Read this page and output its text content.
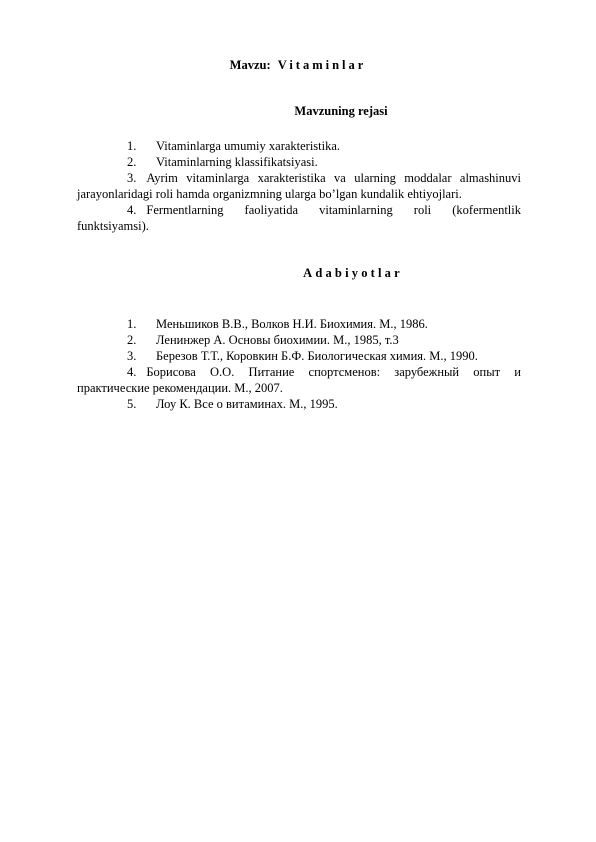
Mavzu: Vitaminlar
Mavzuning rejasi
1. Vitaminlarga umumiy xarakteristika.
2. Vitaminlarning klassifikatsiyasi.
3. Ayrim vitaminlarga xarakteristika va ularning moddalar almashinuvi jarayonlaridagi roli hamda organizmning ularga bo’lgan kundalik ehtiyojlari.
4. Fermentlarning faoliyatida vitaminlarning roli (kofermentlik funktsiyamsi).
Adabiyotlar
1. Меньшиков В.В., Волков Н.И. Биохимия. М., 1986.
2. Ленинжер А. Основы биохимии. М., 1985, т.3
3. Березов Т.Т., Коровкин Б.Ф. Биологическая химия. М., 1990.
4. Борисова О.О. Питание спортсменов: зарубежный опыт и практические рекомендации. М., 2007.
5. Лоу К. Все о витаминах. М., 1995.
